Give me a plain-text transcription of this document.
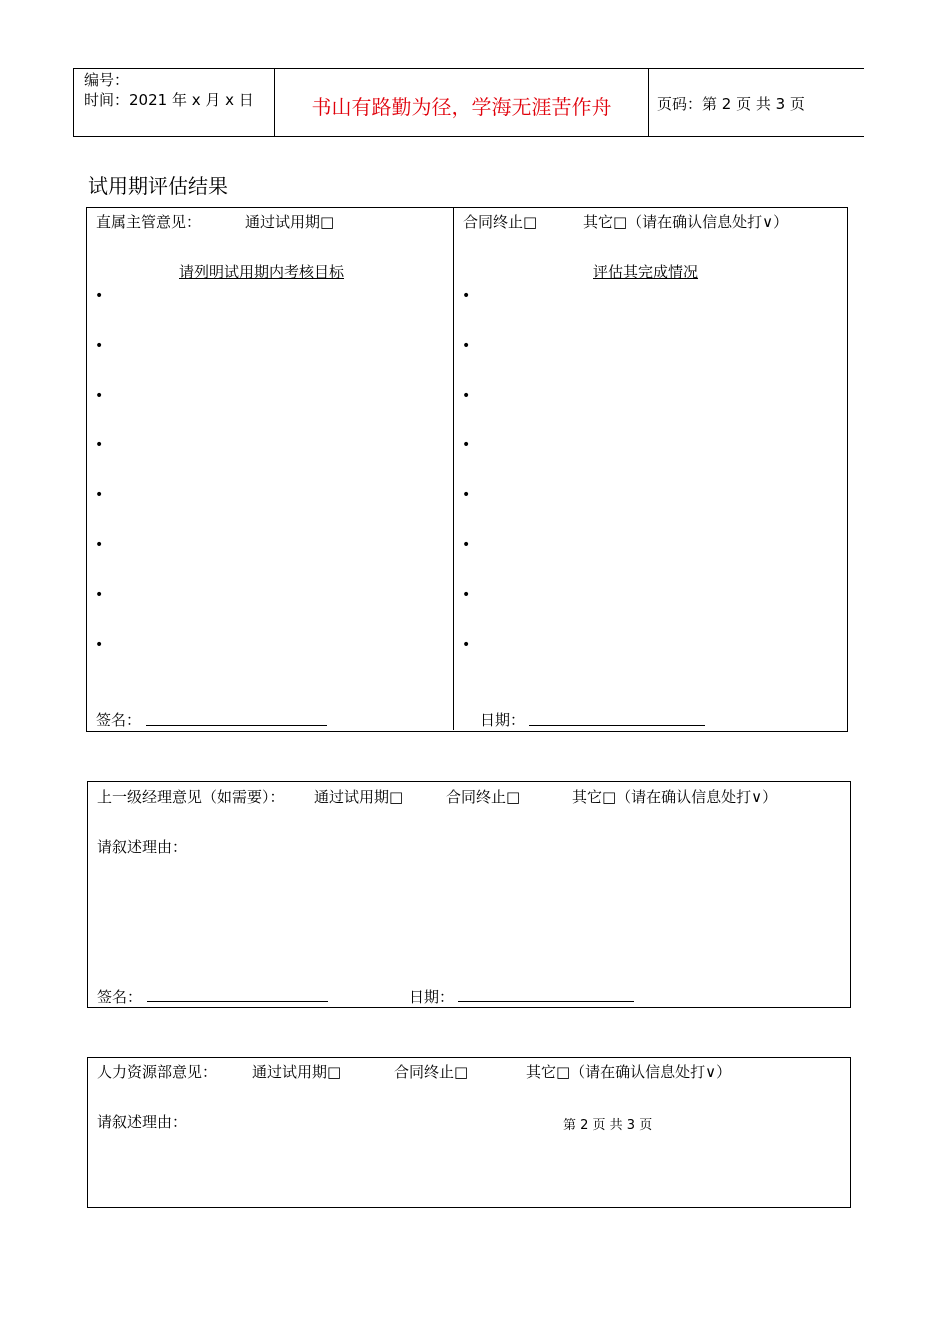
编号：
时间：2021 年 x 月 x 日	书山有路勤为径，学海无涯苦作舟	页码：第 2 页 共 3 页
试用期评估结果
直属主管意见：	通过试用期□	合同终止□	其它□（请在确认信息处打∨）
请列明试用期内考核目标	评估其完成情况
•
•
•
•
•
•
•
•
•
•
•
•
•
•
•
•
签名：	日期：
上一级经理意见（如需要）： 通过试用期□	合同终止□	其它□（请在确认信息处打∨）
请叙述理由：
签名：	日期：
人力资源部意见： 通过试用期□	合同终止□	其它□（请在确认信息处打∨）
请叙述理由：	第 2 页 共 3 页
